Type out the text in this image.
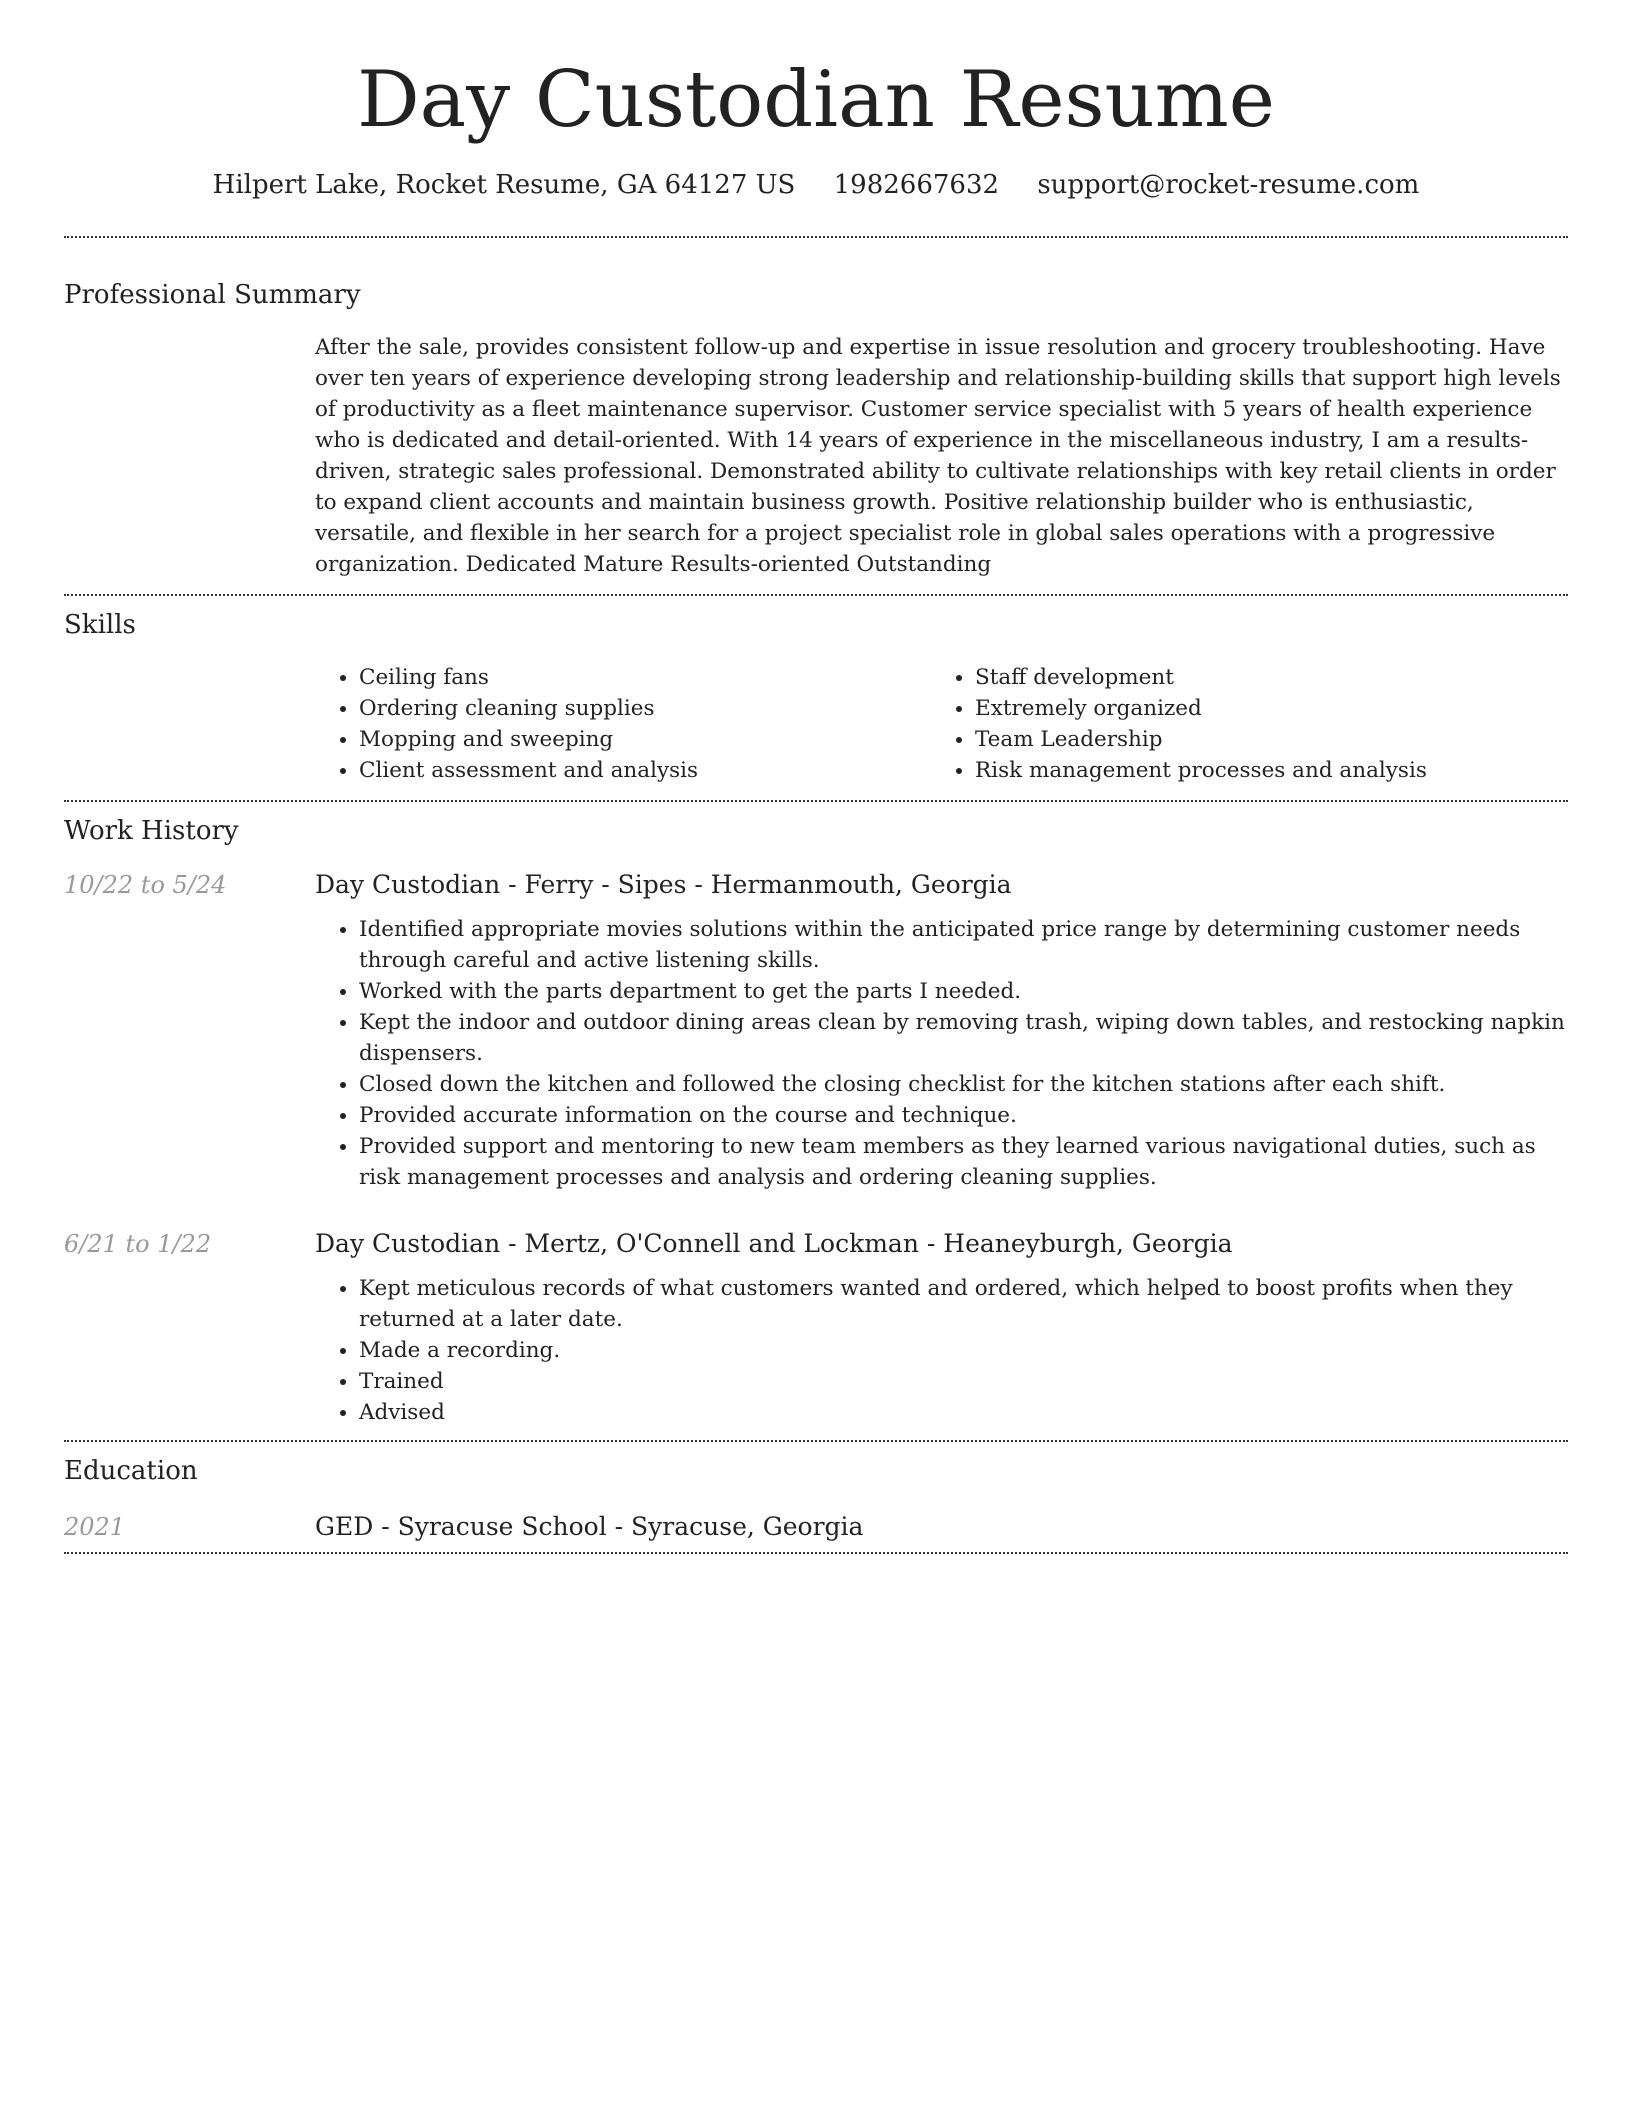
Day Custodian Resume
Hilpert Lake, Rocket Resume, GA 64127 US 1982667632 support@rocket-resume.com
Professional Summary
After the sale, provides consistent follow-up and expertise in issue resolution and grocery troubleshooting. Have over ten years of experience developing strong leadership and relationship-building skills that support high levels of productivity as a fleet maintenance supervisor. Customer service specialist with 5 years of health experience who is dedicated and detail-oriented. With 14 years of experience in the miscellaneous industry, I am a results-driven, strategic sales professional. Demonstrated ability to cultivate relationships with key retail clients in order to expand client accounts and maintain business growth. Positive relationship builder who is enthusiastic, versatile, and flexible in her search for a project specialist role in global sales operations with a progressive organization. Dedicated Mature Results-oriented Outstanding
Skills
• Ceiling fans
• Ordering cleaning supplies
• Mopping and sweeping
• Client assessment and analysis
• Staff development
• Extremely organized
• Team Leadership
• Risk management processes and analysis
Work History
10/22 to 5/24	Day Custodian - Ferry - Sipes - Hermanmouth, Georgia
• Identified appropriate movies solutions within the anticipated price range by determining customer needs through careful and active listening skills.
• Worked with the parts department to get the parts I needed.
• Kept the indoor and outdoor dining areas clean by removing trash, wiping down tables, and restocking napkin dispensers.
• Closed down the kitchen and followed the closing checklist for the kitchen stations after each shift.
• Provided accurate information on the course and technique.
• Provided support and mentoring to new team members as they learned various navigational duties, such as risk management processes and analysis and ordering cleaning supplies.
6/21 to 1/22	Day Custodian - Mertz, O'Connell and Lockman - Heaneyburgh, Georgia
• Kept meticulous records of what customers wanted and ordered, which helped to boost profits when they returned at a later date.
• Made a recording.
• Trained
• Advised
Education
2021	GED - Syracuse School - Syracuse, Georgia
